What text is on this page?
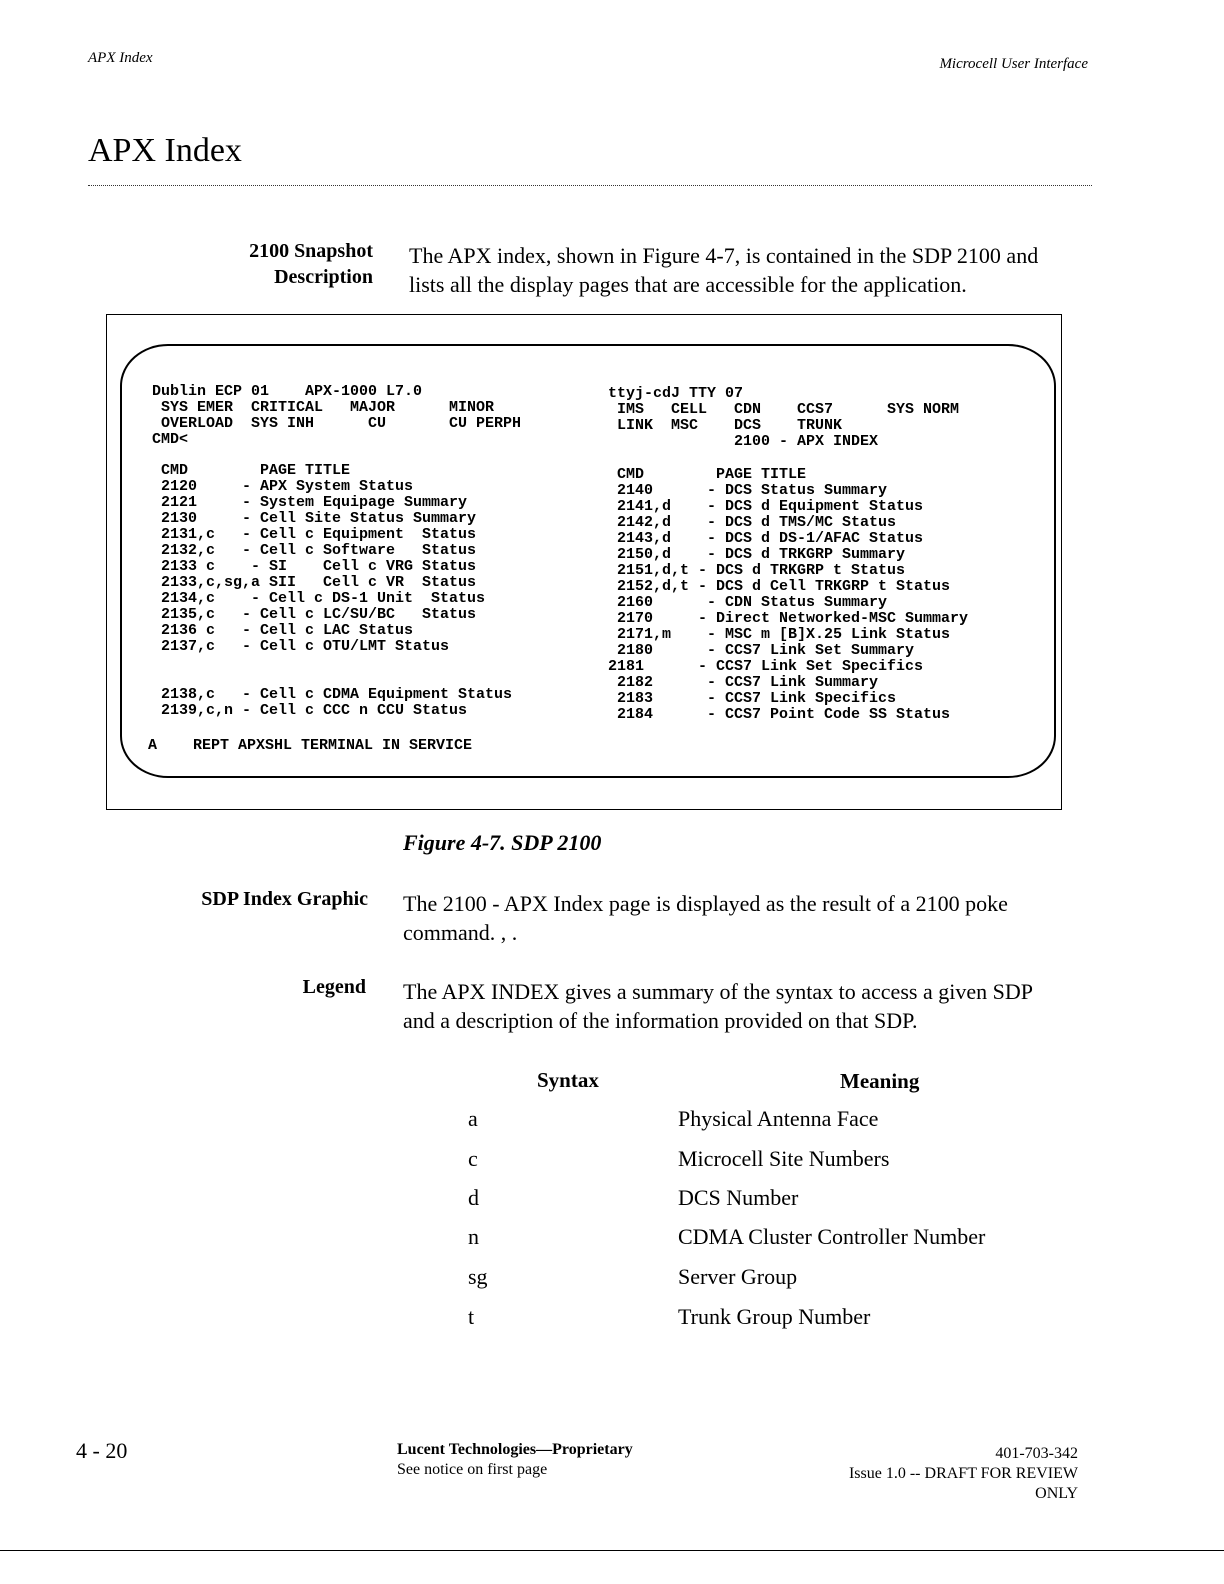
APX Index	Microcell User Interface
APX Index
2100 Snapshot
Description
The APX index, shown in Figure 4-7, is contained in the SDP 2100 and
lists all the display pages that are accessible for the application.
Dublin ECP 01    APX-1000 L7.0
SYS EMER  CRITICAL   MAJOR      MINOR
OVERLOAD  SYS INH      CU       CU PERPH
CMD<
ttyj-cdJ TTY 07
IMS   CELL   CDN    CCS7      SYS NORM
LINK  MSC    DCS    TRUNK
2100 - APX INDEX
CMD        PAGE TITLE
2120     - APX System Status
2121     - System Equipage Summary
2130     - Cell Site Status Summary
2131,c   - Cell c Equipment  Status
2132,c   - Cell c Software   Status
2133 c    - SI    Cell c VRG Status
2133,c,sg,a SII   Cell c VR  Status
2134,c    - Cell c DS-1 Unit  Status
2135,c   - Cell c LC/SU/BC   Status
2136 c   - Cell c LAC Status
2137,c   - Cell c OTU/LMT Status

2138,c   - Cell c CDMA Equipment Status
2139,c,n - Cell c CCC n CCU Status
CMD        PAGE TITLE
2140      - DCS Status Summary
2141,d    - DCS d Equipment Status
2142,d    - DCS d TMS/MC Status
2143,d    - DCS d DS-1/AFAC Status
2150,d    - DCS d TRKGRP Summary
2151,d,t - DCS d TRKGRP t Status
2152,d,t - DCS d Cell TRKGRP t Status
2160      - CDN Status Summary
2170     - Direct Networked-MSC Summary
2171,m    - MSC m [B]X.25 Link Status
2180      - CCS7 Link Set Summary
2181      - CCS7 Link Set Specifics
2182      - CCS7 Link Summary
2183      - CCS7 Link Specifics
2184      - CCS7 Point Code SS Status
A    REPT APXSHL TERMINAL IN SERVICE
Figure 4-7. SDP 2100
SDP Index Graphic The 2100 - APX Index page is displayed as the result of a 2100 poke
command. , .
Legend The APX INDEX gives a summary of the syntax to access a given SDP
and a description of the information provided on that SDP.
Syntax	Meaning
a	Physical Antenna Face
c	Microcell Site Numbers
d	DCS Number
n	CDMA Cluster Controller Number
sg	Server Group
t	Trunk Group Number
4 - 20	Lucent Technologies—Proprietary
See notice on first page
401-703-342
Issue 1.0 -- DRAFT FOR REVIEW
ONLY
